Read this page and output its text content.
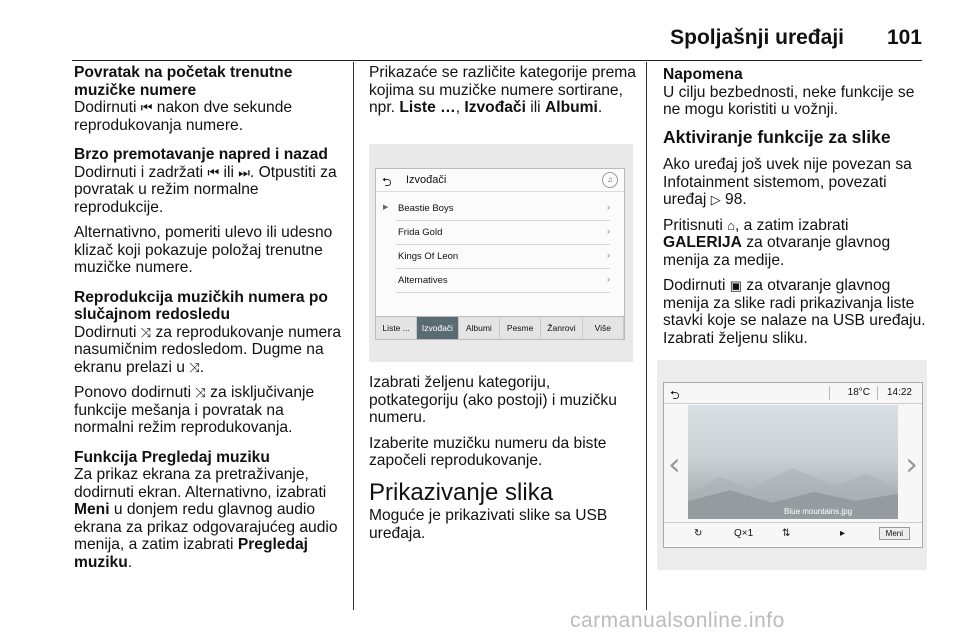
Spoljašnji uređaji 101
Povratak na početak trenutne muzičke numere

Dodirnuti ⏮ nakon dve sekunde reprodukovanja numere.

Brzo premotavanje napred i nazad

Dodirnuti i zadržati ⏮ ili ⏭. Otpustiti za povratak u režim normalne reprodukcije.

Alternativno, pomeriti ulevo ili udesno klizač koji pokazuje položaj trenutne muzičke numere.

Reprodukcija muzičkih numera po slučajnom redosledu

Dodirnuti ⤨ za reprodukovanje numera nasumičnim redosledom. Dugme na ekranu prelazi u ⤨.

Ponovo dodirnuti ⤨ za isključivanje funkcije mešanja i povratak na normalni režim reprodukovanja.

Funkcija Pregledaj muziku

Za prikaz ekrana za pretraživanje, dodirnuti ekran. Alternativno, izabrati Meni u donjem redu glavnog audio ekrana za prikaz odgovarajućeg audio menija, a zatim izabrati Pregledaj muziku.

Prikazaće se različite kategorije prema kojima su muzičke numere sortirane, npr. Liste …, Izvođači ili Albumi.

⮌ Izvođači	♫
▶ Beastie Boys	›
Frida Gold	›
Kings Of Leon	›
Alternatives	›
Liste ...	Izvođači	Albumi	Pesme	Žanrovi	Više

Izabrati željenu kategoriju, potkategoriju (ako postoji) i muzičku numeru.

Izaberite muzičku numeru da biste započeli reprodukovanje.

Prikazivanje slika

Moguće je prikazivati slike sa USB uređaja.

Napomena

U cilju bezbednosti, neke funkcije se ne mogu koristiti u vožnji.

Aktiviranje funkcije za slike

Ako uređaj još uvek nije povezan sa Infotainment sistemom, povezati uređaj ▷ 98.

Pritisnuti ⌂, a zatim izabrati GALERIJA za otvaranje glavnog menija za medije.

Dodirnuti ▣ za otvaranje glavnog menija za slike radi prikazivanja liste stavki koje se nalaze na USB uređaju. Izabrati željenu sliku.

⮌	18°C 14:22
Blue mountains.jpg
‹	›
↻	Q×1	⇅	▸	Meni
carmanualsonline.info
